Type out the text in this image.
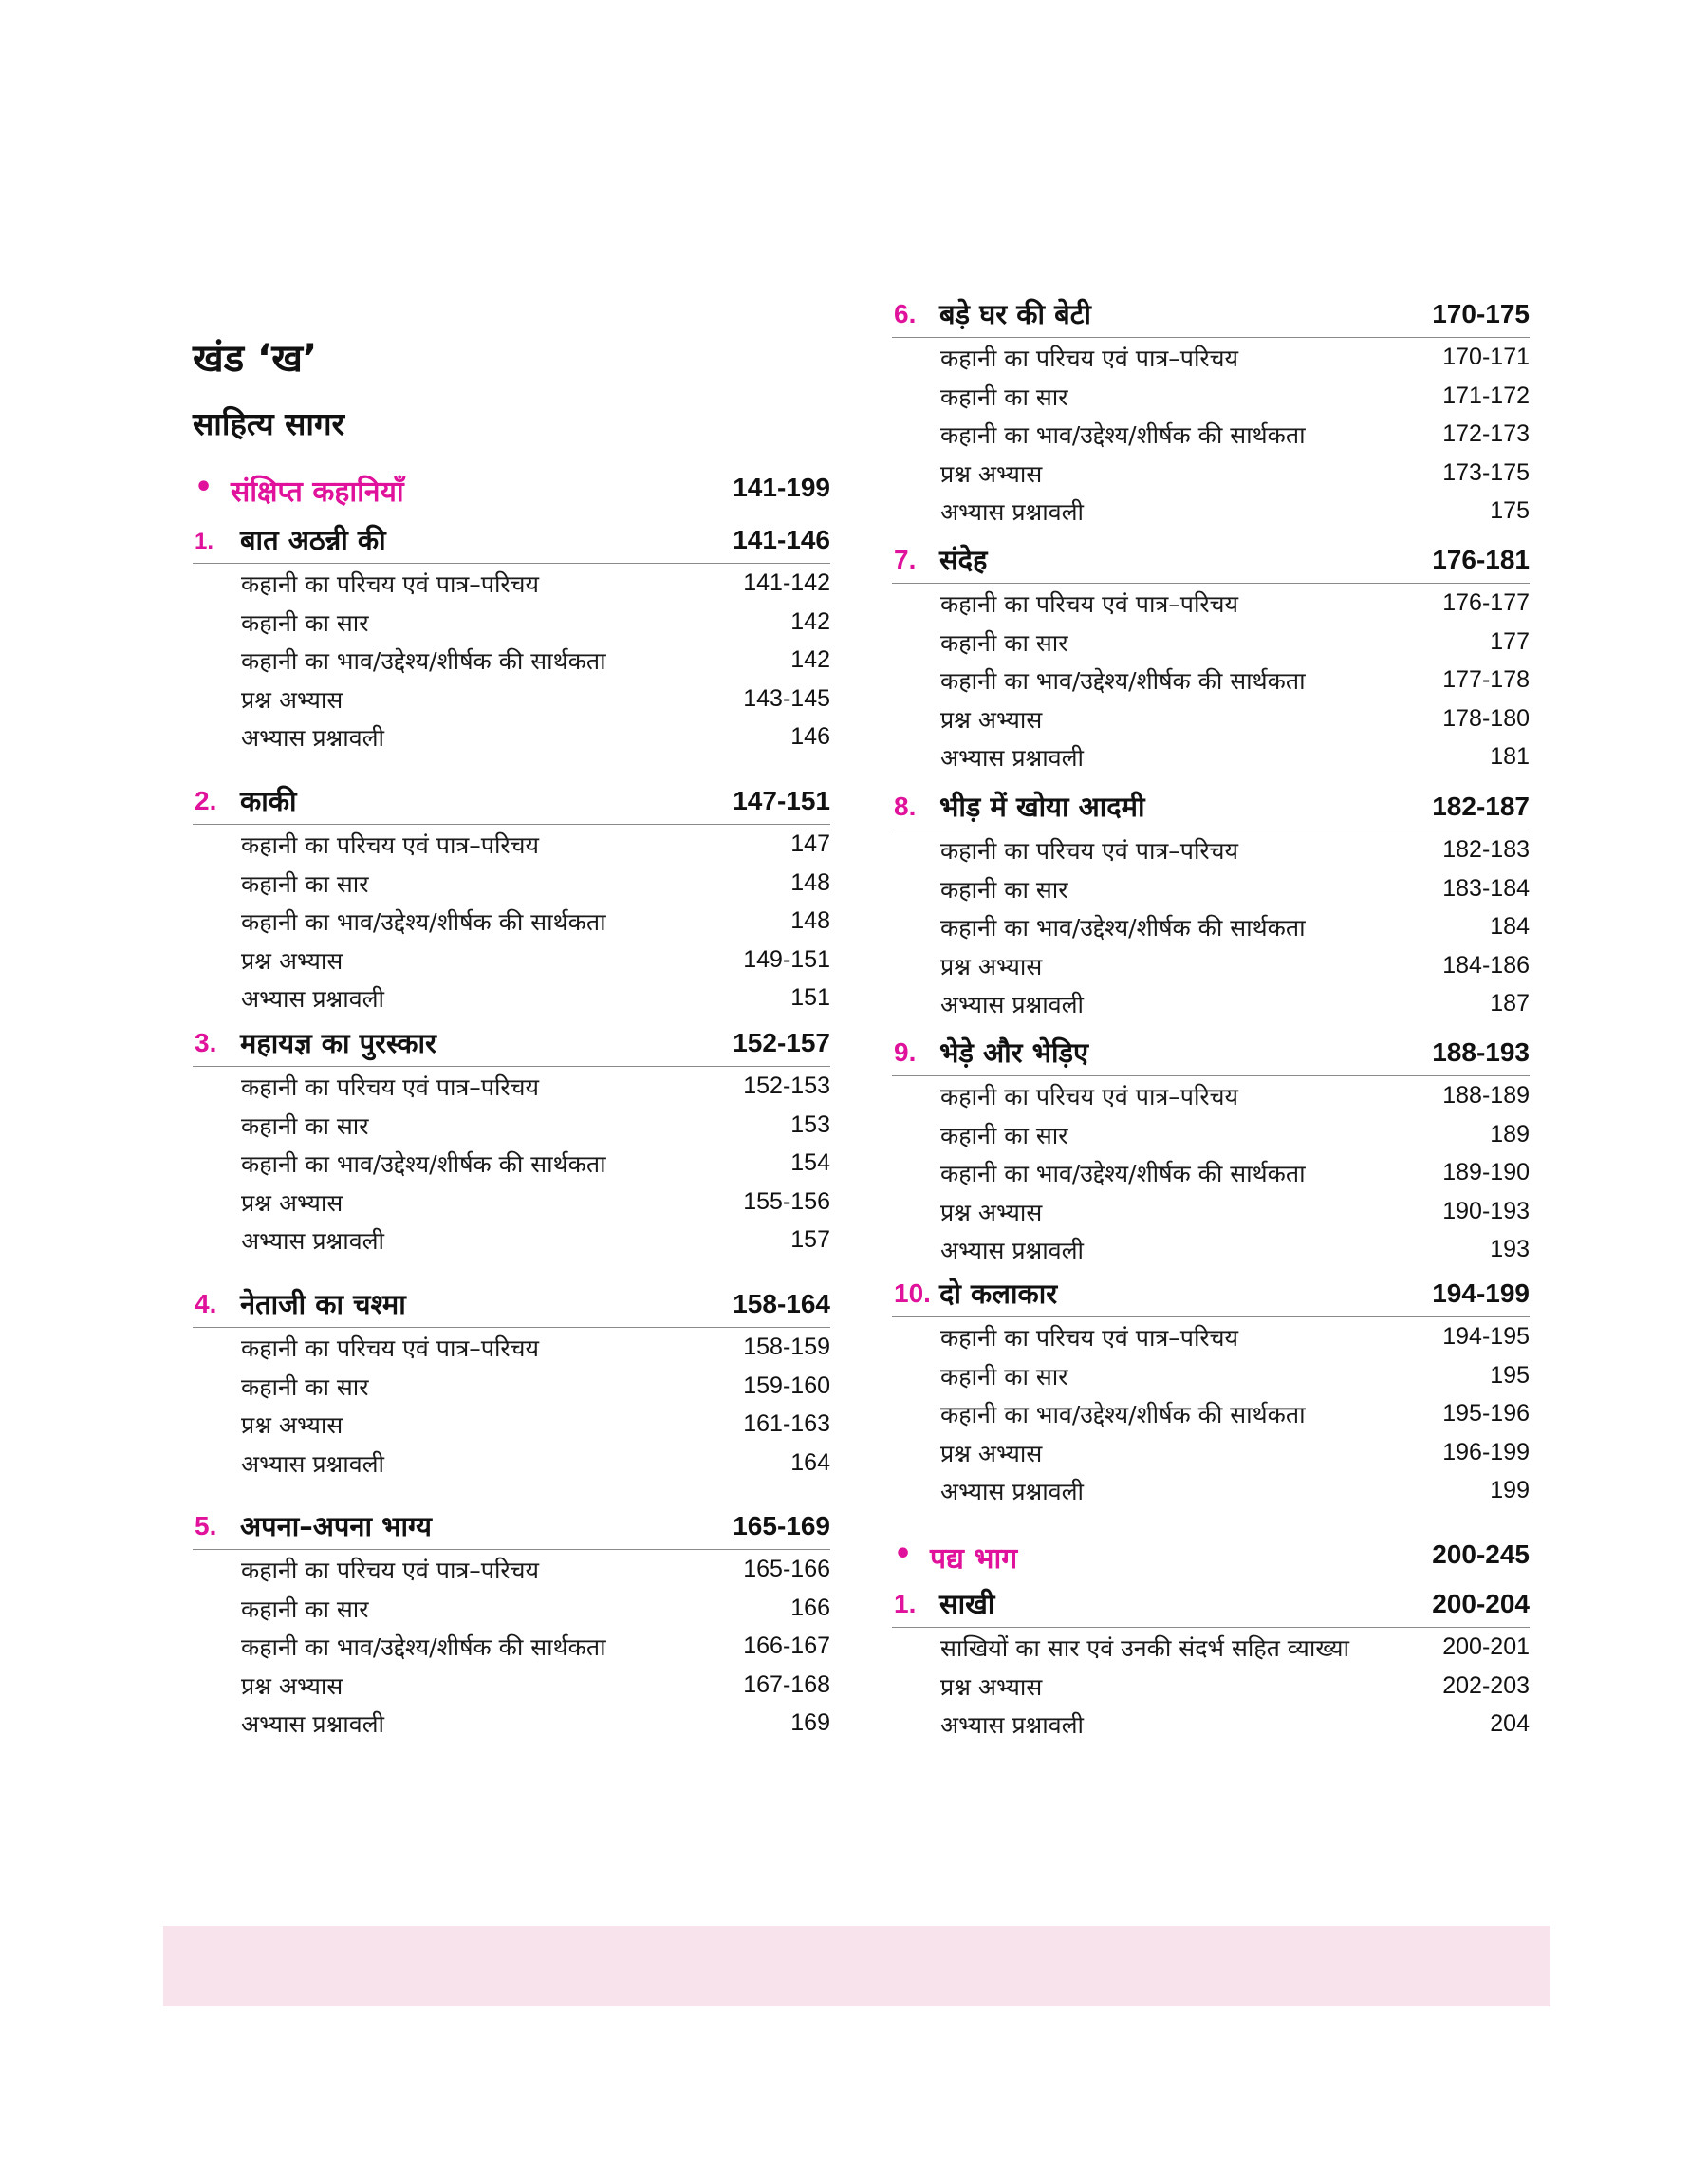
खंड ‘ख’
साहित्य सागर
• संक्षिप्त कहानियाँ	141-199
1. बात अठन्नी की	141-146
कहानी का परिचय एवं पात्र–परिचय	141-142
कहानी का सार	142
कहानी का भाव/उद्देश्य/शीर्षक की सार्थकता	142
प्रश्न अभ्यास	143-145
अभ्यास प्रश्नावली	146
2. काकी	147-151
कहानी का परिचय एवं पात्र–परिचय	147
कहानी का सार	148
कहानी का भाव/उद्देश्य/शीर्षक की सार्थकता	148
प्रश्न अभ्यास	149-151
अभ्यास प्रश्नावली	151
3. महायज्ञ का पुरस्कार	152-157
कहानी का परिचय एवं पात्र–परिचय	152-153
कहानी का सार	153
कहानी का भाव/उद्देश्य/शीर्षक की सार्थकता	154
प्रश्न अभ्यास	155-156
अभ्यास प्रश्नावली	157
4. नेताजी का चश्मा	158-164
कहानी का परिचय एवं पात्र–परिचय	158-159
कहानी का सार	159-160
प्रश्न अभ्यास	161-163
अभ्यास प्रश्नावली	164
5. अपना–अपना भाग्य	165-169
कहानी का परिचय एवं पात्र–परिचय	165-166
कहानी का सार	166
कहानी का भाव/उद्देश्य/शीर्षक की सार्थकता	166-167
प्रश्न अभ्यास	167-168
अभ्यास प्रश्नावली	169
6. बड़े घर की बेटी	170-175
कहानी का परिचय एवं पात्र–परिचय	170-171
कहानी का सार	171-172
कहानी का भाव/उद्देश्य/शीर्षक की सार्थकता	172-173
प्रश्न अभ्यास	173-175
अभ्यास प्रश्नावली	175
7. संदेह	176-181
कहानी का परिचय एवं पात्र–परिचय	176-177
कहानी का सार	177
कहानी का भाव/उद्देश्य/शीर्षक की सार्थकता	177-178
प्रश्न अभ्यास	178-180
अभ्यास प्रश्नावली	181
8. भीड़ में खोया आदमी	182-187
कहानी का परिचय एवं पात्र–परिचय	182-183
कहानी का सार	183-184
कहानी का भाव/उद्देश्य/शीर्षक की सार्थकता	184
प्रश्न अभ्यास	184-186
अभ्यास प्रश्नावली	187
9. भेड़े और भेड़िए	188-193
कहानी का परिचय एवं पात्र–परिचय	188-189
कहानी का सार	189
कहानी का भाव/उद्देश्य/शीर्षक की सार्थकता	189-190
प्रश्न अभ्यास	190-193
अभ्यास प्रश्नावली	193
10. दो कलाकार	194-199
कहानी का परिचय एवं पात्र–परिचय	194-195
कहानी का सार	195
कहानी का भाव/उद्देश्य/शीर्षक की सार्थकता	195-196
प्रश्न अभ्यास	196-199
अभ्यास प्रश्नावली	199
• पद्य भाग	200-245
1. साखी	200-204
साखियों का सार एवं उनकी संदर्भ सहित व्याख्या	200-201
प्रश्न अभ्यास	202-203
अभ्यास प्रश्नावली	204
